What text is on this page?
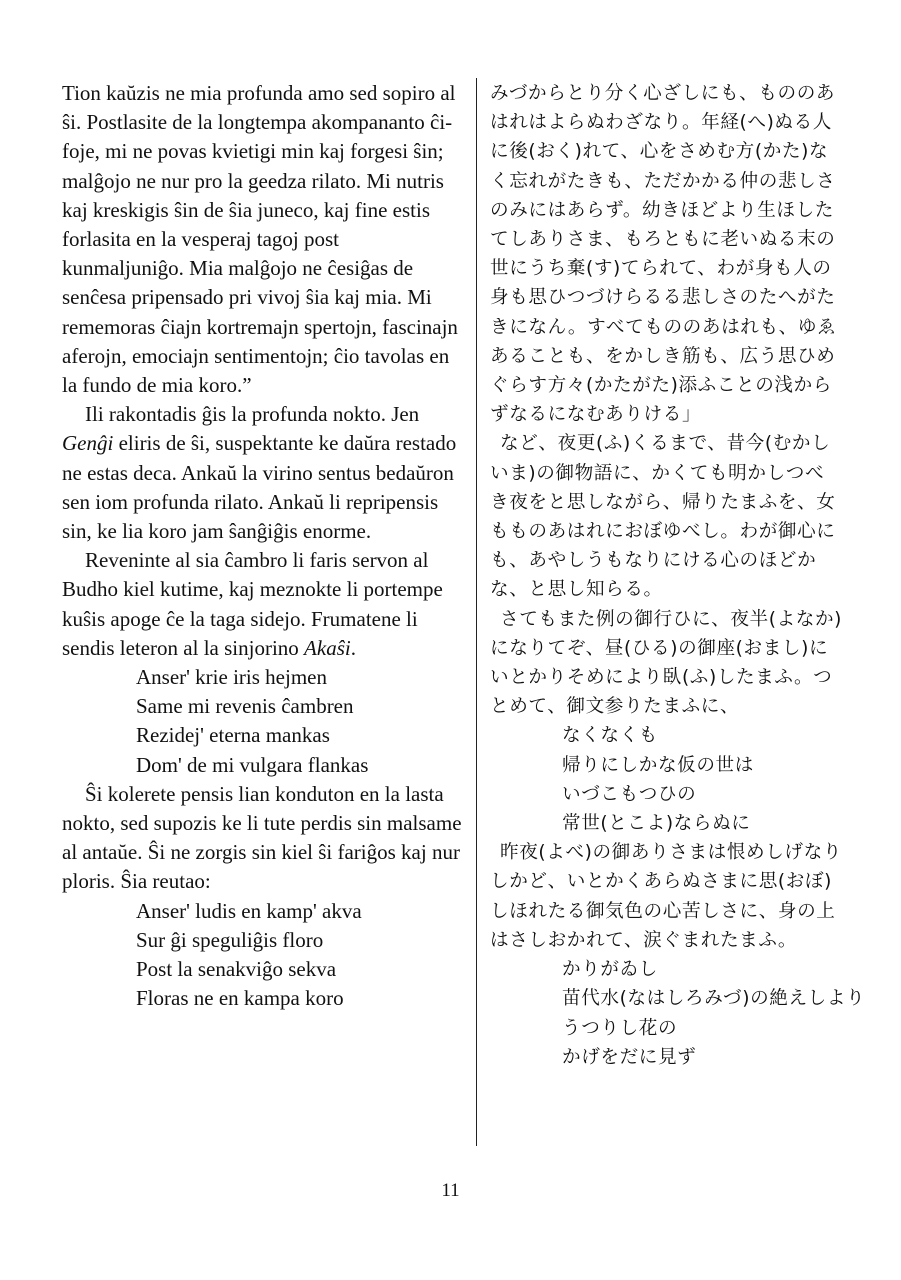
Tion kaŭzis ne mia profunda amo sed sopiro al ŝi. Postlasite de la longtempa akompananto ĉi-foje, mi ne povas kvietigi min kaj forgesi ŝin; malĝojo ne nur pro la geedza rilato. Mi nutris kaj kreskigis ŝin de ŝia juneco, kaj fine estis forlasita en la vesperaj tagoj post kunmaljuniĝo. Mia malĝojo ne ĉesiĝas de senĉesa pripensado pri vivoj ŝia kaj mia. Mi rememoras ĉiajn kortremajn spertojn, fascinajn aferojn, emociajn sentimentojn; ĉio tavolas en la fundo de mia koro.”

Ili rakontadis ĝis la profunda nokto. Jen Genĝi eliris de ŝi, suspektante ke daŭra restado ne estas deca. Ankaŭ la virino sentus bedaŭron sen iom profunda rilato. Ankaŭ li repripensis sin, ke lia koro jam ŝanĝiĝis enorme.

Reveninte al sia ĉambro li faris servon al Budho kiel kutime, kaj meznokte li portempe kuŝis apoge ĉe la taga sidejo. Frumatene li sendis leteron al la sinjorino Akaŝi.

Anser' krie iris hejmen
Same mi revenis ĉambren
Rezidej' eterna mankas
Dom' de mi vulgara flankas

Ŝi kolerete pensis lian konduton en la lasta nokto, sed supozis ke li tute perdis sin malsame al antaŭe. Ŝi ne zorgis sin kiel ŝi fariĝos kaj nur ploris. Ŝia reutao:

Anser' ludis en kamp' akva
Sur ĝi speguliĝis floro
Post la senakviĝo sekva
Floras ne en kampa koro

みづからとり分く心ざしにも、もののあはれはよらぬわざなり。年経(へ)ぬる人に後(おく)れて、心をさめむ方(かた)なく忘れがたきも、ただかかる仲の悲しさのみにはあらず。幼きほどより生ほしたてしありさま、もろともに老いぬる末の世にうち棄(す)てられて、わが身も人の身も思ひつづけらるる悲しさのたへがたきになん。すべてもののあはれも、ゆゑあることも、をかしき筋も、広う思ひめぐらす方々(かたがた)添ふことの浅からずなるになむありける」

など、夜更(ふ)くるまで、昔今(むかしいま)の御物語に、かくても明かしつべき夜をと思しながら、帰りたまふを、女もものあはれにおぼゆべし。わが御心にも、あやしうもなりにける心のほどかな、と思し知らる。

さてもまた例の御行ひに、夜半(よなか)になりてぞ、昼(ひる)の御座(おまし)にいとかりそめにより臥(ふ)したまふ。つとめて、御文参りたまふに、

なくなくも
帰りにしかな仮の世は
いづこもつひの
常世(とこよ)ならぬに

昨夜(よべ)の御ありさまは恨めしげなりしかど、いとかくあらぬさまに思(おぼ)しほれたる御気色の心苦しさに、身の上はさしおかれて、涙ぐまれたまふ。

かりがゐし
苗代水(なはしろみづ)の絶えしより
うつりし花の
かげをだに見ず
11
